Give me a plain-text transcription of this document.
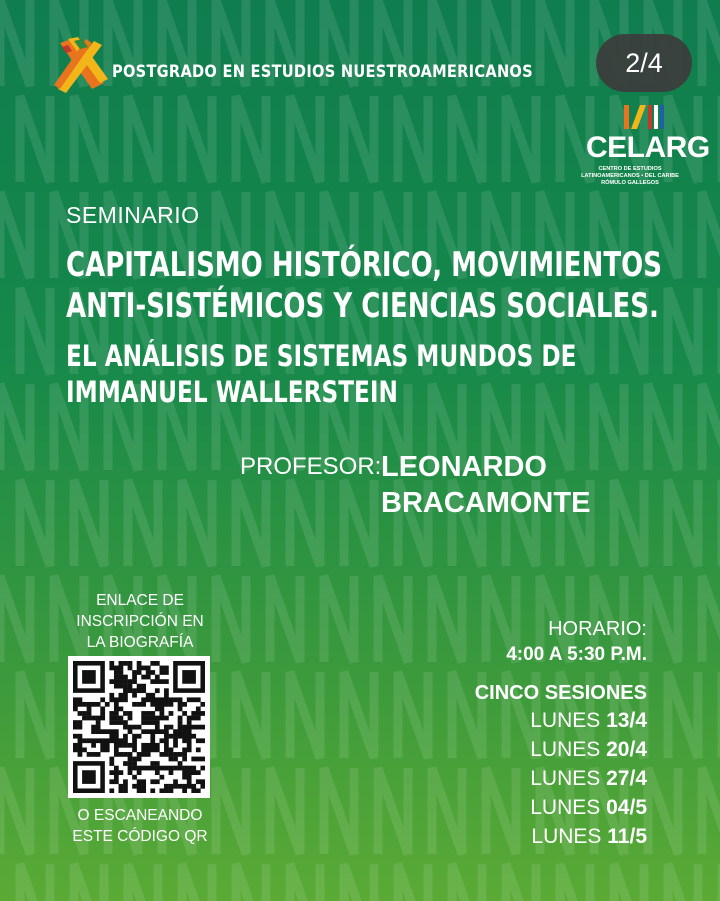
POSTGRADO EN ESTUDIOS NUESTROAMERICANOS	2/4
CELARG
CENTRO DE ESTUDIOS
LATINOAMERICANOS • DEL CARIBE
RÓMULO GALLEGOS
SEMINARIO
CAPITALISMO HISTÓRICO, MOVIMIENTOS
ANTI-SISTÉMICOS Y CIENCIAS SOCIALES.
EL ANÁLISIS DE SISTEMAS MUNDOS DE
IMMANUEL WALLERSTEIN
PROFESOR: LEONARDO
BRACAMONTE
ENLACE DE
INSCRIPCIÓN EN
LA BIOGRAFÍA
O ESCANEANDO
ESTE CÓDIGO QR
HORARIO:
4:00 A 5:30 P.M.
CINCO SESIONES
LUNES 13/4
LUNES 20/4
LUNES 27/4
LUNES 04/5
LUNES 11/5
